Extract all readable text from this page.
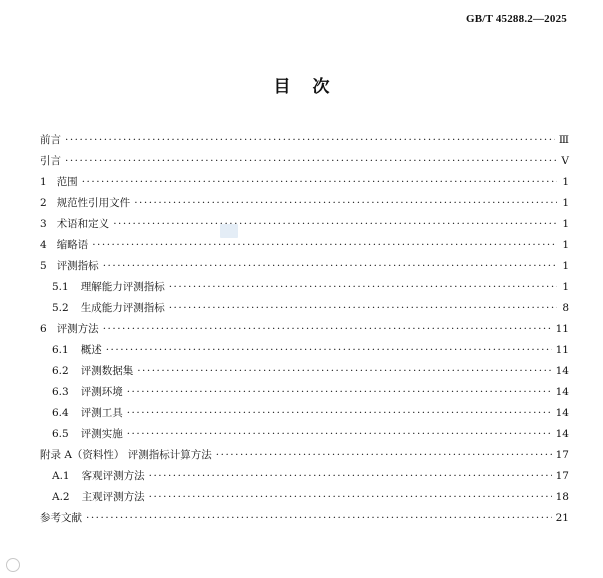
GB/T 45288.2—2025
目次
前言 ·····	Ⅲ
引言 ·····	Ⅴ
1 范围 ·····	1
2 规范性引用文件 ·····	1
3 术语和定义 ·····	1
4 缩略语 ·····	1
5 评测指标 ·····	1
5.1 理解能力评测指标 ·····	1
5.2 生成能力评测指标 ·····	8
6 评测方法 ·····	11
6.1 概述 ·····	11
6.2 评测数据集 ·····	14
6.3 评测环境 ·····	14
6.4 评测工具 ·····	14
6.5 评测实施 ·····	14
附录 A（资料性） 评测指标计算方法 ·····	17
A.1 客观评测方法 ·····	17
A.2 主观评测方法 ·····	18
参考文献 ·····	21
